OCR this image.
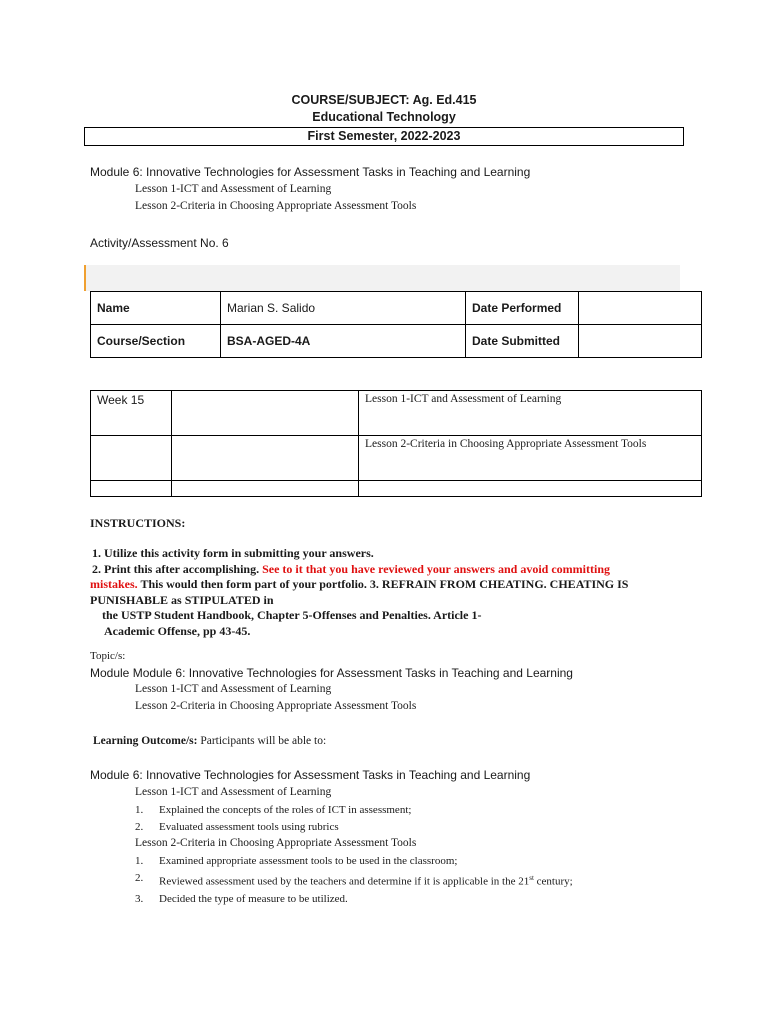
COURSE/SUBJECT: Ag. Ed.415
Educational Technology
First Semester, 2022-2023
Module 6: Innovative Technologies for Assessment Tasks in Teaching and Learning
Lesson 1-ICT and Assessment of Learning
Lesson 2-Criteria in Choosing Appropriate Assessment Tools
Activity/Assessment No. 6
Name	Marian S. Salido	Date Performed	
Course/Section	BSA-AGED-4A	Date Submitted	
Week 15		Lesson 1-ICT and Assessment of Learning
		Lesson 2-Criteria in Choosing Appropriate Assessment Tools

INSTRUCTIONS:
1. Utilize this activity form in submitting your answers.
2. Print this after accomplishing. See to it that you have reviewed your answers and avoid committing
mistakes. This would then form part of your portfolio. 3. REFRAIN FROM CHEATING. CHEATING IS
PUNISHABLE as STIPULATED in
the USTP Student Handbook, Chapter 5-Offenses and Penalties. Article 1-
Academic Offense, pp 43-45.
Topic/s:
Module Module 6: Innovative Technologies for Assessment Tasks in Teaching and Learning
Lesson 1-ICT and Assessment of Learning
Lesson 2-Criteria in Choosing Appropriate Assessment Tools
Learning Outcome/s: Participants will be able to:
Module 6: Innovative Technologies for Assessment Tasks in Teaching and Learning
Lesson 1-ICT and Assessment of Learning
1. Explained the concepts of the roles of ICT in assessment;
2. Evaluated assessment tools using rubrics
Lesson 2-Criteria in Choosing Appropriate Assessment Tools
1. Examined appropriate assessment tools to be used in the classroom;
2. Reviewed assessment used by the teachers and determine if it is applicable in the 21st century;
3. Decided the type of measure to be utilized.
